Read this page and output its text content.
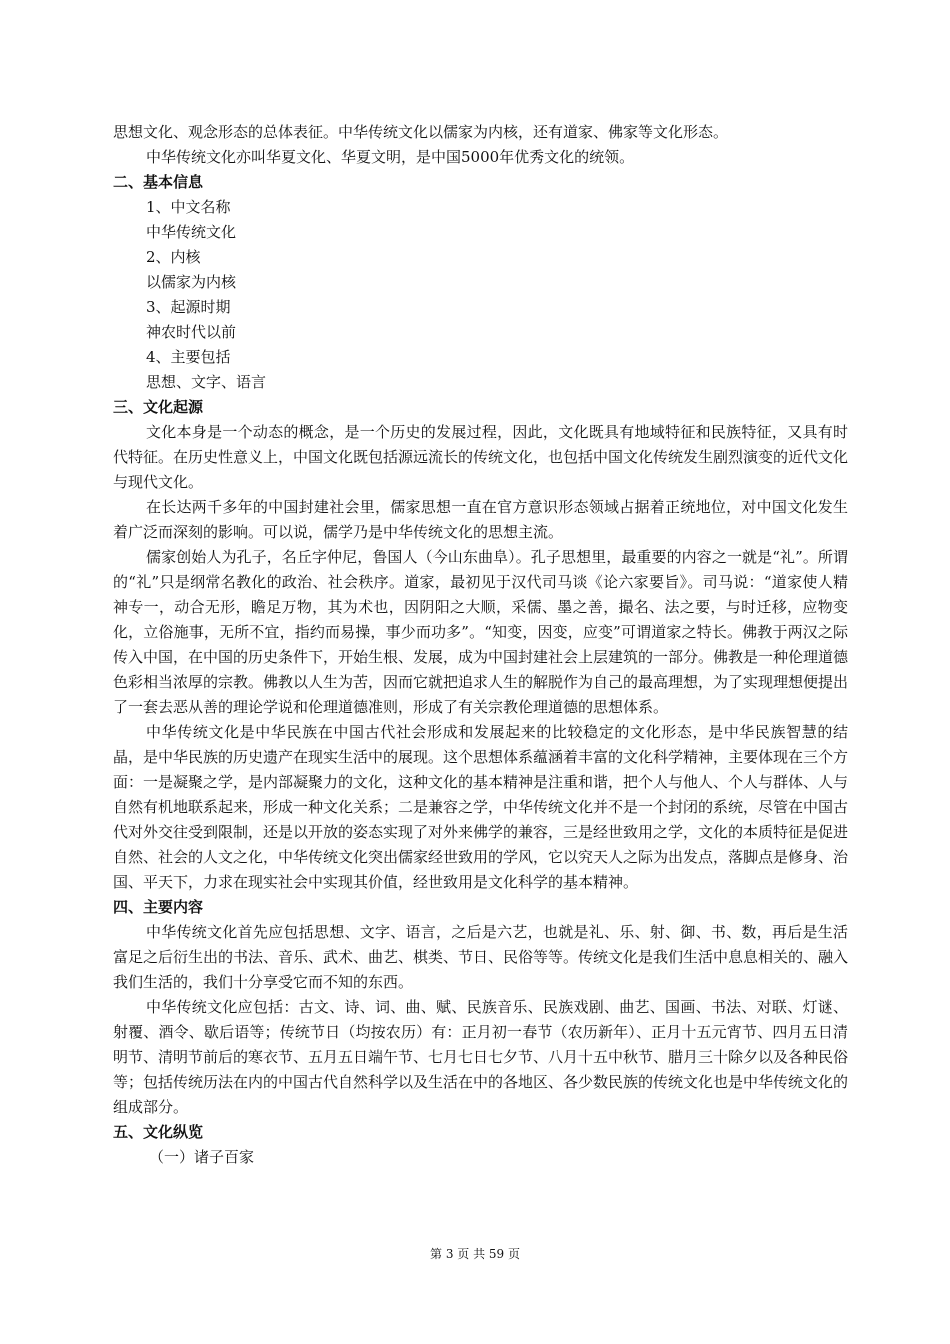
思想文化、观念形态的总体表征。中华传统文化以儒家为内核，还有道家、佛家等文化形态。

中华传统文化亦叫华夏文化、华夏文明，是中国5000年优秀文化的统领。

二、基本信息

1、中文名称

中华传统文化

2、内核

以儒家为内核

3、起源时期

神农时代以前

4、主要包括

思想、文字、语言

三、文化起源

文化本身是一个动态的概念，是一个历史的发展过程，因此，文化既具有地域特征和民族特征，又具有时代特征。在历史性意义上，中国文化既包括源远流长的传统文化，也包括中国文化传统发生剧烈演变的近代文化与现代文化。

在长达两千多年的中国封建社会里，儒家思想一直在官方意识形态领域占据着正统地位，对中国文化发生着广泛而深刻的影响。可以说，儒学乃是中华传统文化的思想主流。

儒家创始人为孔子，名丘字仲尼，鲁国人（今山东曲阜）。孔子思想里，最重要的内容之一就是“礼”。所谓的“礼”只是纲常名教化的政治、社会秩序。道家，最初见于汉代司马谈《论六家要旨》。司马说：“道家使人精神专一，动合无形，瞻足万物，其为术也，因阴阳之大顺，采儒、墨之善，撮名、法之要，与时迁移，应物变化，立俗施事，无所不宜，指约而易操，事少而功多”。“知变，因变，应变”可谓道家之特长。佛教于两汉之际传入中国，在中国的历史条件下，开始生根、发展，成为中国封建社会上层建筑的一部分。佛教是一种伦理道德色彩相当浓厚的宗教。佛教以人生为苦，因而它就把追求人生的解脱作为自己的最高理想，为了实现理想便提出了一套去恶从善的理论学说和伦理道德准则，形成了有关宗教伦理道德的思想体系。

中华传统文化是中华民族在中国古代社会形成和发展起来的比较稳定的文化形态，是中华民族智慧的结晶，是中华民族的历史遗产在现实生活中的展现。这个思想体系蕴涵着丰富的文化科学精神，主要体现在三个方面：一是凝聚之学，是内部凝聚力的文化，这种文化的基本精神是注重和谐，把个人与他人、个人与群体、人与自然有机地联系起来，形成一种文化关系；二是兼容之学，中华传统文化并不是一个封闭的系统，尽管在中国古代对外交往受到限制，还是以开放的姿态实现了对外来佛学的兼容，三是经世致用之学，文化的本质特征是促进自然、社会的人文之化，中华传统文化突出儒家经世致用的学风，它以究天人之际为出发点，落脚点是修身、治国、平天下，力求在现实社会中实现其价值，经世致用是文化科学的基本精神。

四、主要内容

中华传统文化首先应包括思想、文字、语言，之后是六艺，也就是礼、乐、射、御、书、数，再后是生活富足之后衍生出的书法、音乐、武术、曲艺、棋类、节日、民俗等等。传统文化是我们生活中息息相关的、融入我们生活的，我们十分享受它而不知的东西。

中华传统文化应包括：古文、诗、词、曲、赋、民族音乐、民族戏剧、曲艺、国画、书法、对联、灯谜、射覆、酒令、歇后语等；传统节日（均按农历）有：正月初一春节（农历新年）、正月十五元宵节、四月五日清明节、清明节前后的寒衣节、五月五日端午节、七月七日七夕节、八月十五中秋节、腊月三十除夕以及各种民俗等；包括传统历法在内的中国古代自然科学以及生活在中的各地区、各少数民族的传统文化也是中华传统文化的组成部分。

五、文化纵览

（一）诸子百家

第 3 页 共 59 页
